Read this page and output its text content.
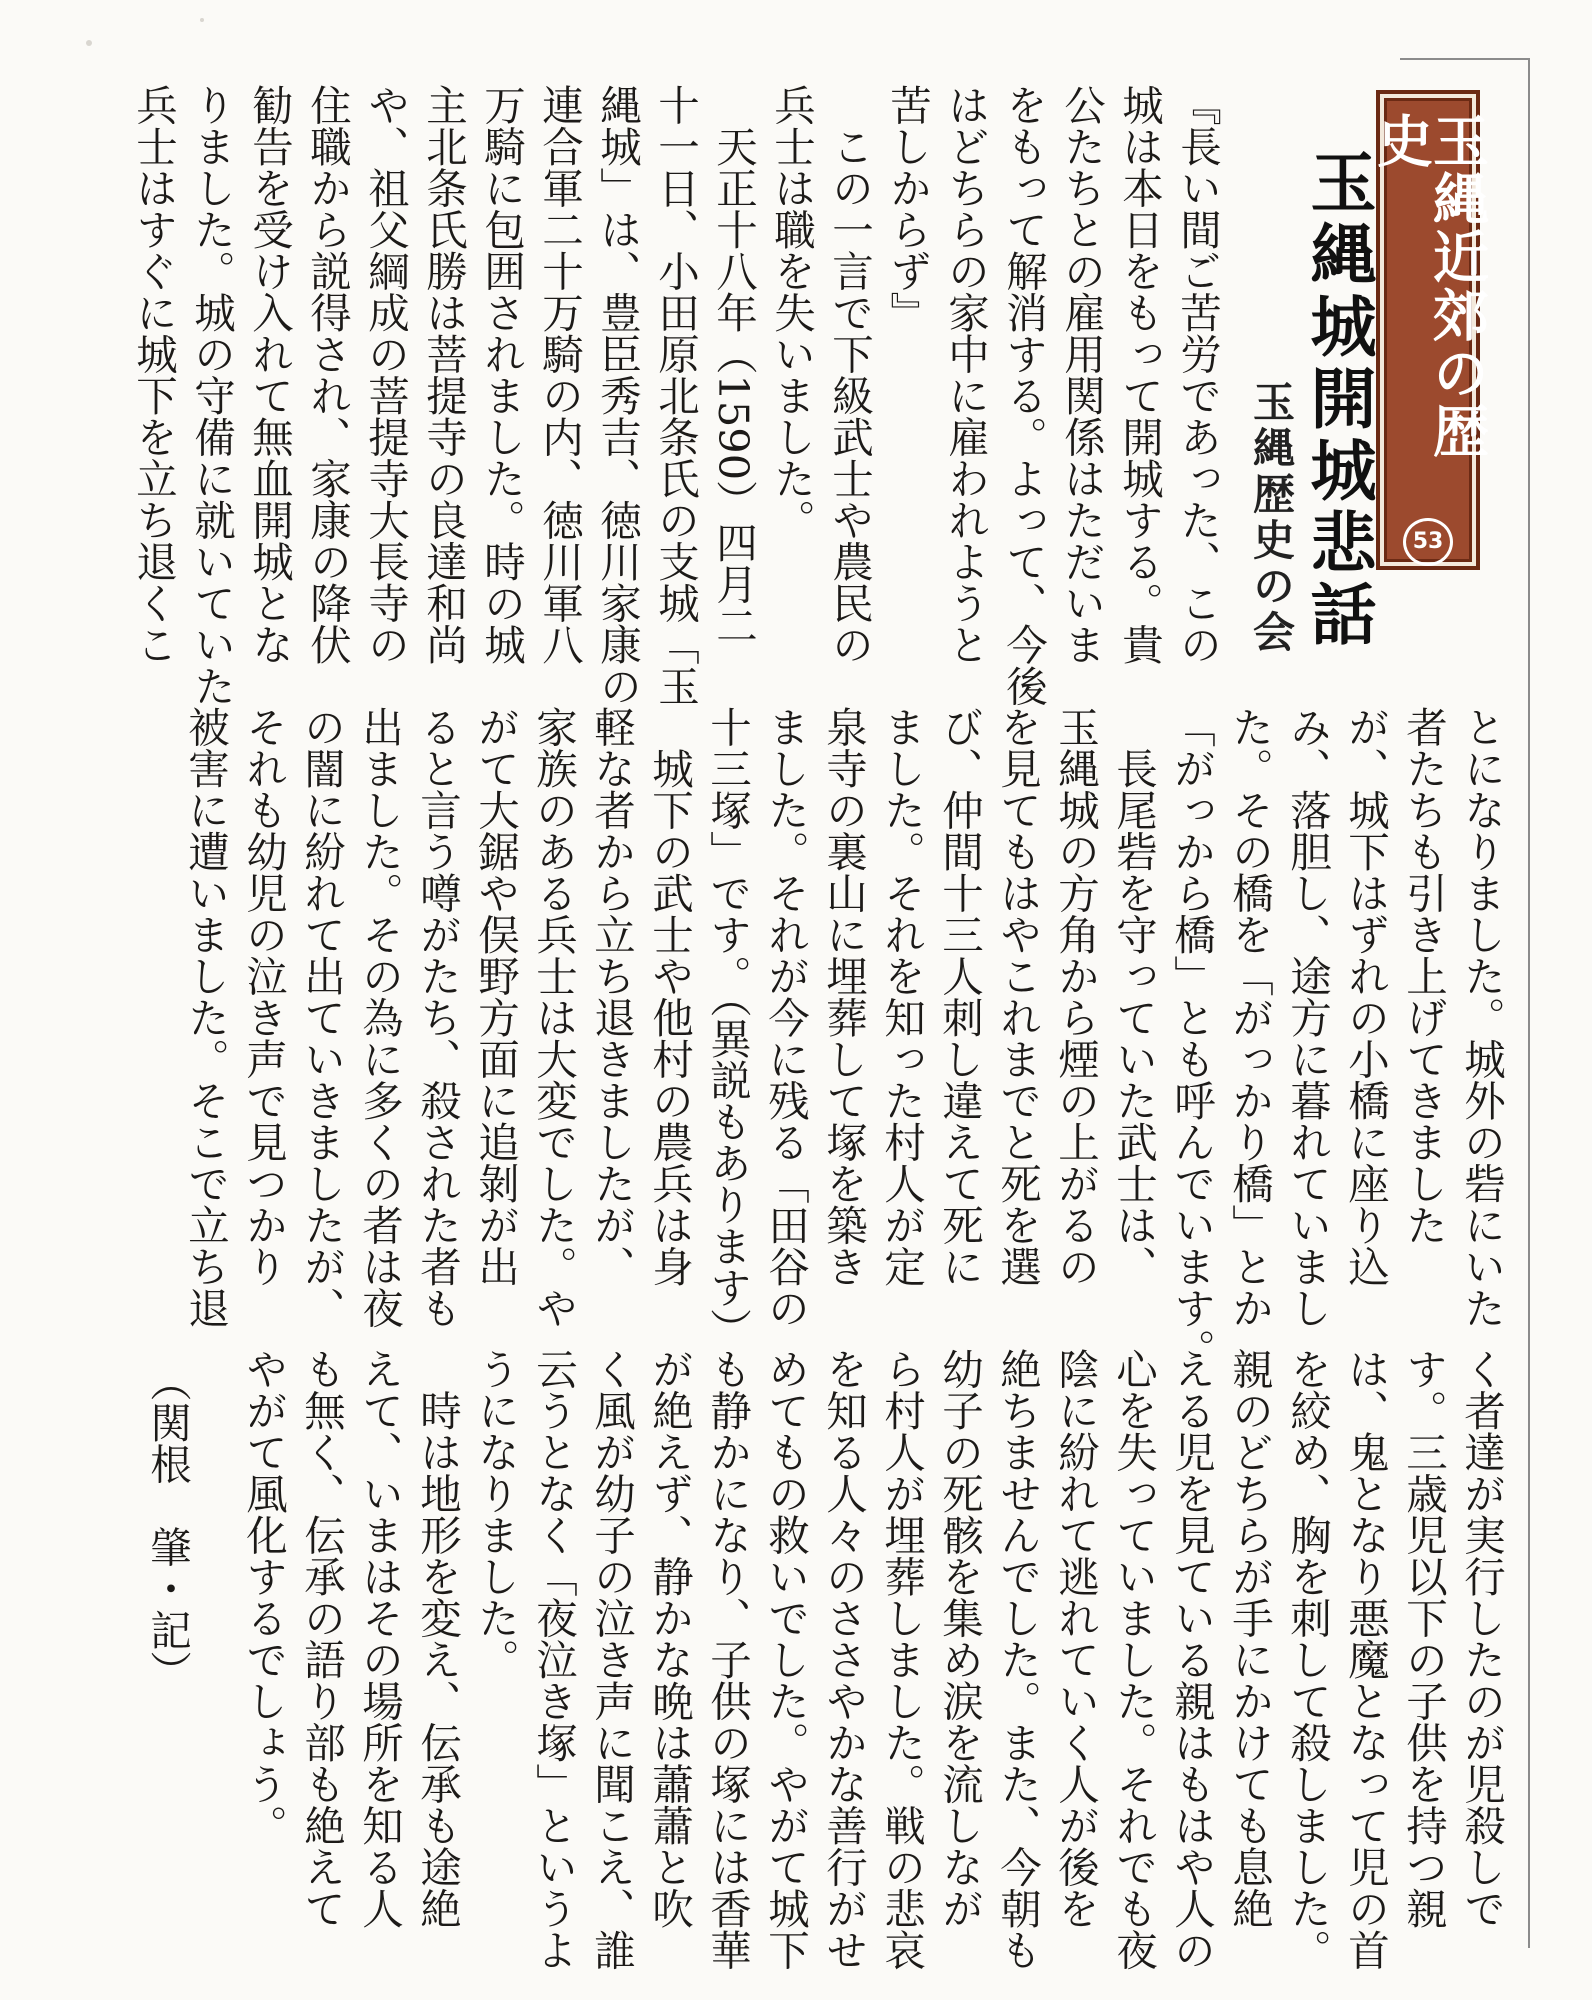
玉縄近郊の歴史
53
玉縄城開城悲話
玉縄歴史の会
『長い間ご苦労であった、この
城は本日をもって開城する。貴
公たちとの雇用関係はただいま
をもって解消する。よって、今後
はどちらの家中に雇われようと
苦しからず』
　この一言で下級武士や農民の
兵士は職を失いました。
　天正十八年（1590）四月二
十一日、小田原北条氏の支城「玉
縄城」は、豊臣秀吉、徳川家康の
連合軍二十万騎の内、徳川軍八
万騎に包囲されました。時の城
主北条氏勝は菩提寺の良達和尚
や、祖父綱成の菩提寺大長寺の
住職から説得され、家康の降伏
勧告を受け入れて無血開城とな
りました。城の守備に就いていた
兵士はすぐに城下を立ち退くこ
とになりました。城外の砦にいた
者たちも引き上げてきました
が、城下はずれの小橋に座り込
み、落胆し、途方に暮れていまし
た。その橋を「がっかり橋」とか
「がっから橋」とも呼んでいます。
　長尾砦を守っていた武士は、
玉縄城の方角から煙の上がるの
を見てもはやこれまでと死を選
び、仲間十三人刺し違えて死に
ました。それを知った村人が定
泉寺の裏山に埋葬して塚を築き
ました。それが今に残る「田谷の
十三塚」です。（異説もあります）
　城下の武士や他村の農兵は身
軽な者から立ち退きましたが、
家族のある兵士は大変でした。や
がて大鋸や俣野方面に追剝が出
ると言う噂がたち、殺された者も
出ました。その為に多くの者は夜
の闇に紛れて出ていきましたが、
それも幼児の泣き声で見つかり
被害に遭いました。そこで立ち退
く者達が実行したのが児殺しで
す。三歳児以下の子供を持つ親
は、鬼となり悪魔となって児の首
を絞め、胸を刺して殺しました。
親のどちらが手にかけても息絶
える児を見ている親はもはや人の
心を失っていました。それでも夜
陰に紛れて逃れていく人が後を
絶ちませんでした。また、今朝も
幼子の死骸を集め涙を流しなが
ら村人が埋葬しました。戦の悲哀
を知る人々のささやかな善行がせ
めてもの救いでした。やがて城下
も静かになり、子供の塚には香華
が絶えず、静かな晩は蕭蕭と吹
く風が幼子の泣き声に聞こえ、誰
云うとなく「夜泣き塚」というよ
うになりました。
　時は地形を変え、伝承も途絶
えて、いまはその場所を知る人
も無く、伝承の語り部も絶えて
やがて風化するでしょう。
（関根　肇・記）
